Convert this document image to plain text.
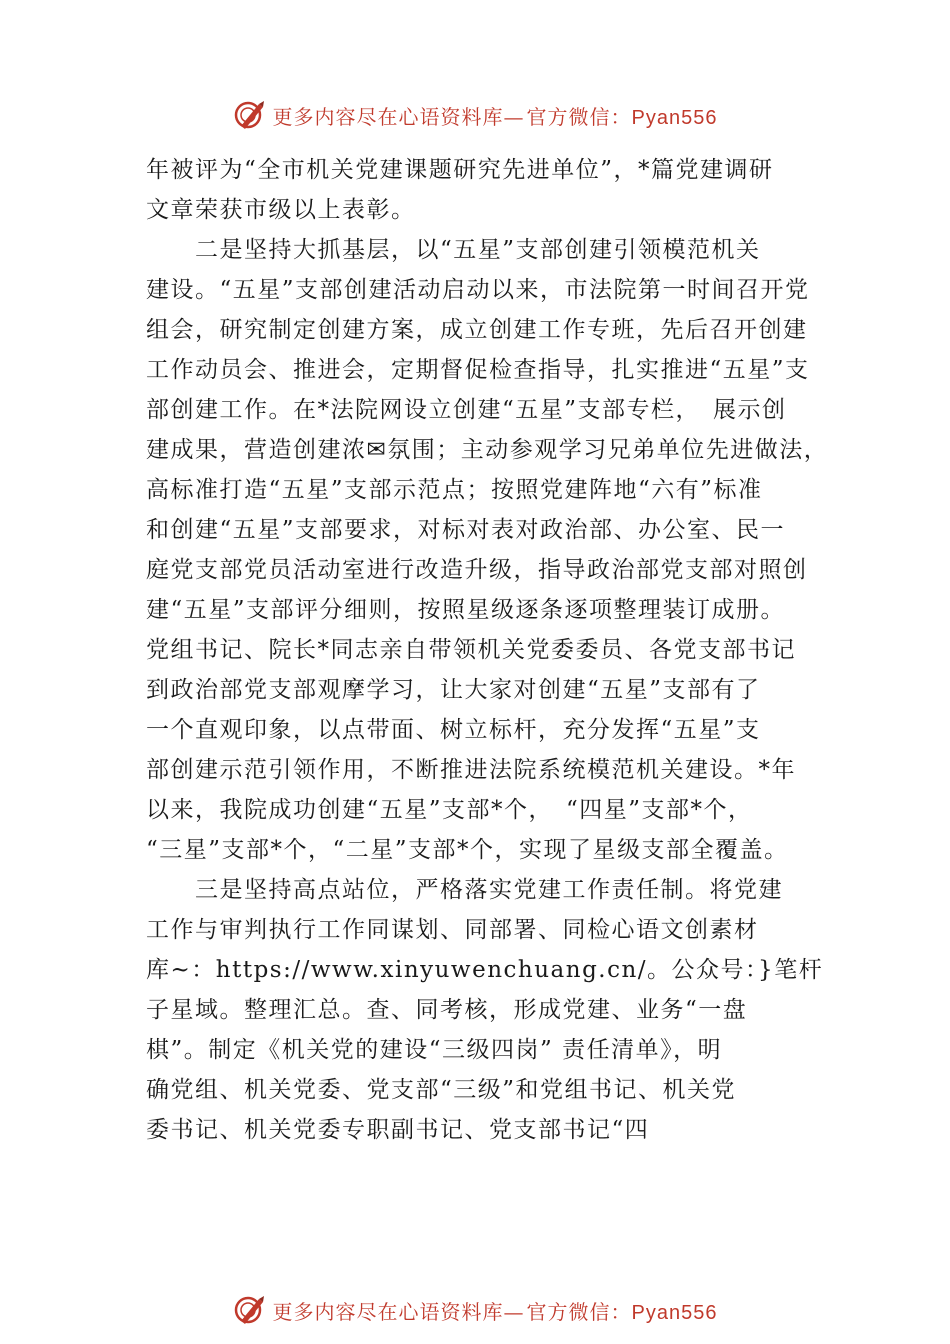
更多内容尽在心语资料库— 官方微信： Pyan556
年被评为“全市机关党建课题研究先进单位”，*篇党建调研
文章荣获市级以上表彰。
　　二是坚持大抓基层，以“五星”支部创建引领模范机关
建设。“五星”支部创建活动启动以来，市法院第一时间召开党
组会，研究制定创建方案，成立创建工作专班，先后召开创建
工作动员会、推进会，定期督促检查指导，扎实推进“五星”支
部创建工作。在*法院网设立创建“五星”支部专栏，　展示创
建成果，营造创建浓✉氛围；主动参观学习兄弟单位先进做法，
高标准打造“五星”支部示范点；按照党建阵地“六有”标准
和创建“五星”支部要求，对标对表对政治部、办公室、民一
庭党支部党员活动室进行改造升级，指导政治部党支部对照创
建“五星”支部评分细则，按照星级逐条逐项整理装订成册。
党组书记、院长*同志亲自带领机关党委委员、各党支部书记
到政治部党支部观摩学习，让大家对创建“五星”支部有了
一个直观印象，以点带面、树立标杆，充分发挥“五星”支
部创建示范引领作用，不断推进法院系统模范机关建设。*年
以来，我院成功创建“五星”支部*个，　“四星”支部*个，
“三星”支部*个，“二星”支部*个，实现了星级支部全覆盖。
　　三是坚持高点站位，严格落实党建工作责任制。将党建
工作与审判执行工作同谋划、同部署、同检心语文创素材
库~：https://www.xinyuwenchuang.cn/。公众号：}笔杆
子星域。整理汇总。查、同考核，形成党建、业务“一盘
棋”。制定《机关党的建设“三级四岗” 责任清单》，明
确党组、机关党委、党支部“三级”和党组书记、机关党
委书记、机关党委专职副书记、党支部书记“四
更多内容尽在心语资料库— 官方微信： Pyan556
